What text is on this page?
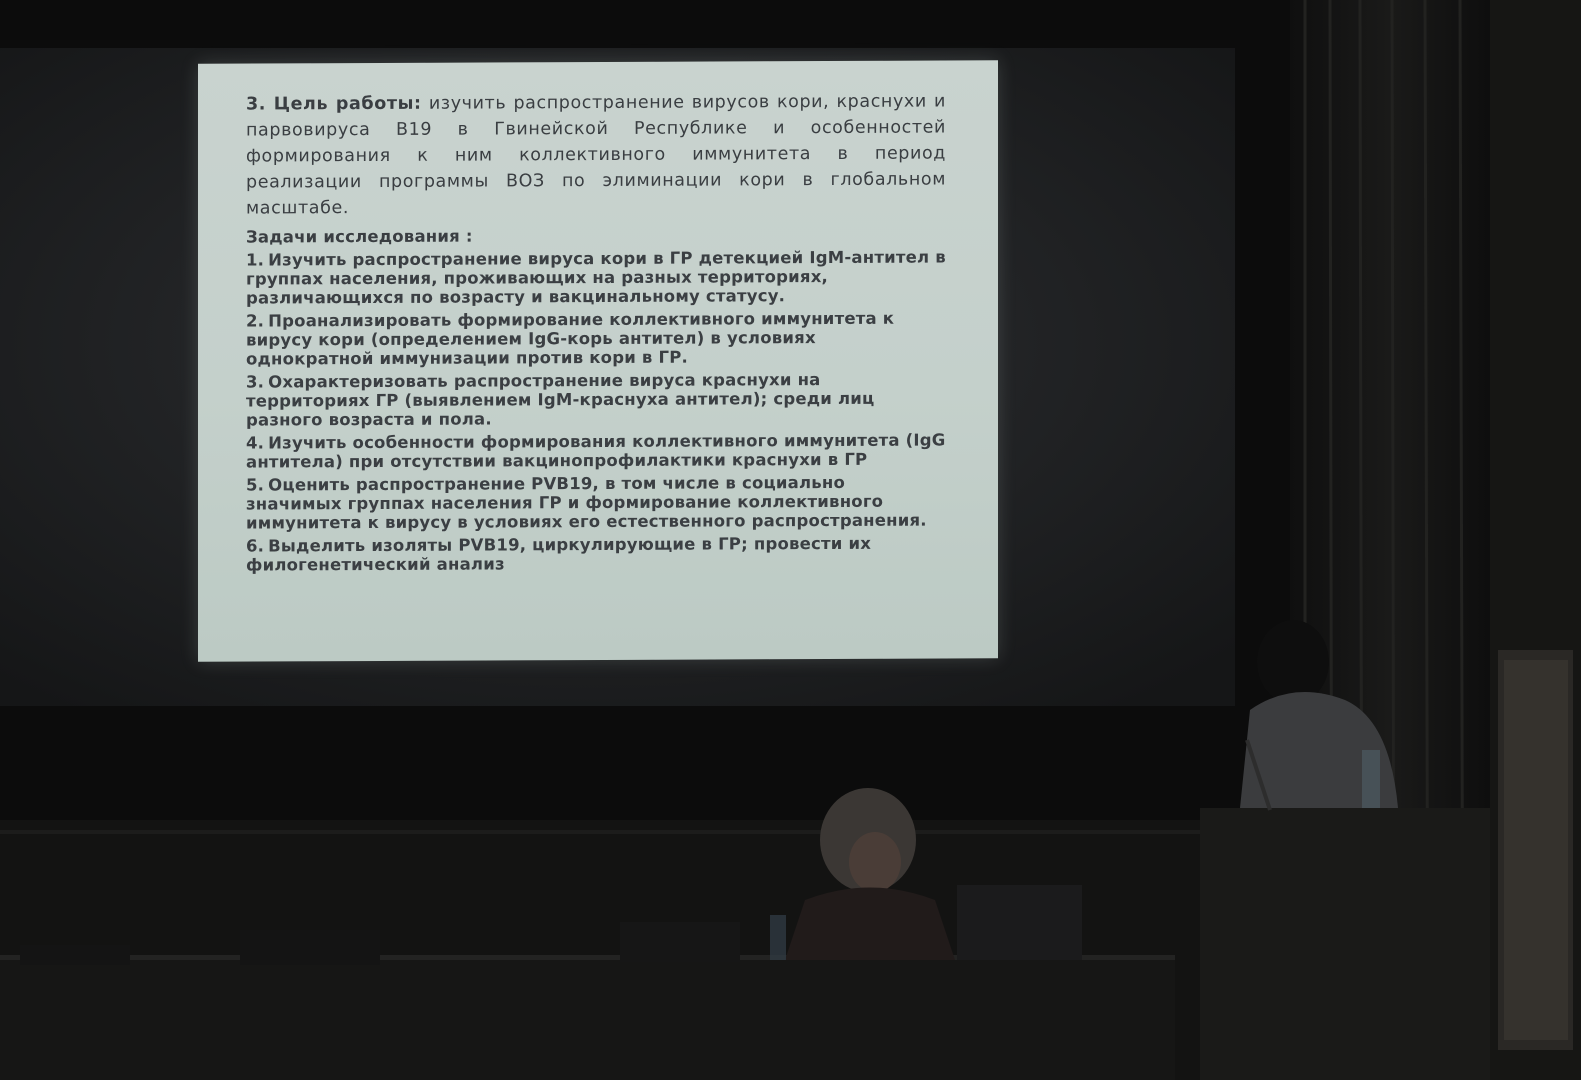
3. Цель работы: изучить распространение вирусов кори, краснухи и парвовируса В19 в Гвинейской Республике и особенностей формирования к ним коллективного иммунитета в период реализации программы ВОЗ по элиминации кори в глобальном масштабе.

Задачи исследования :
1. Изучить распространение вируса кори в ГР детекцией IgM-антител в группах населения, проживающих на разных территориях, различающихся по возрасту и вакцинальному статусу.
2. Проанализировать формирование коллективного иммунитета к вирусу кори (определением IgG-корь антител) в условиях однократной иммунизации против кори в ГР.
3. Охарактеризовать распространение вируса краснухи на территориях ГР (выявлением IgM-краснуха антител); среди лиц разного возраста и пола.
4. Изучить особенности формирования коллективного иммунитета (IgG антитела) при отсутствии вакцинопрофилактики краснухи в ГР
5. Оценить распространение PVB19, в том числе в социально значимых группах населения ГР и формирование коллективного иммунитета к вирусу в условиях его естественного распространения.
6. Выделить изоляты PVB19, циркулирующие в ГР; провести их филогенетический анализ
